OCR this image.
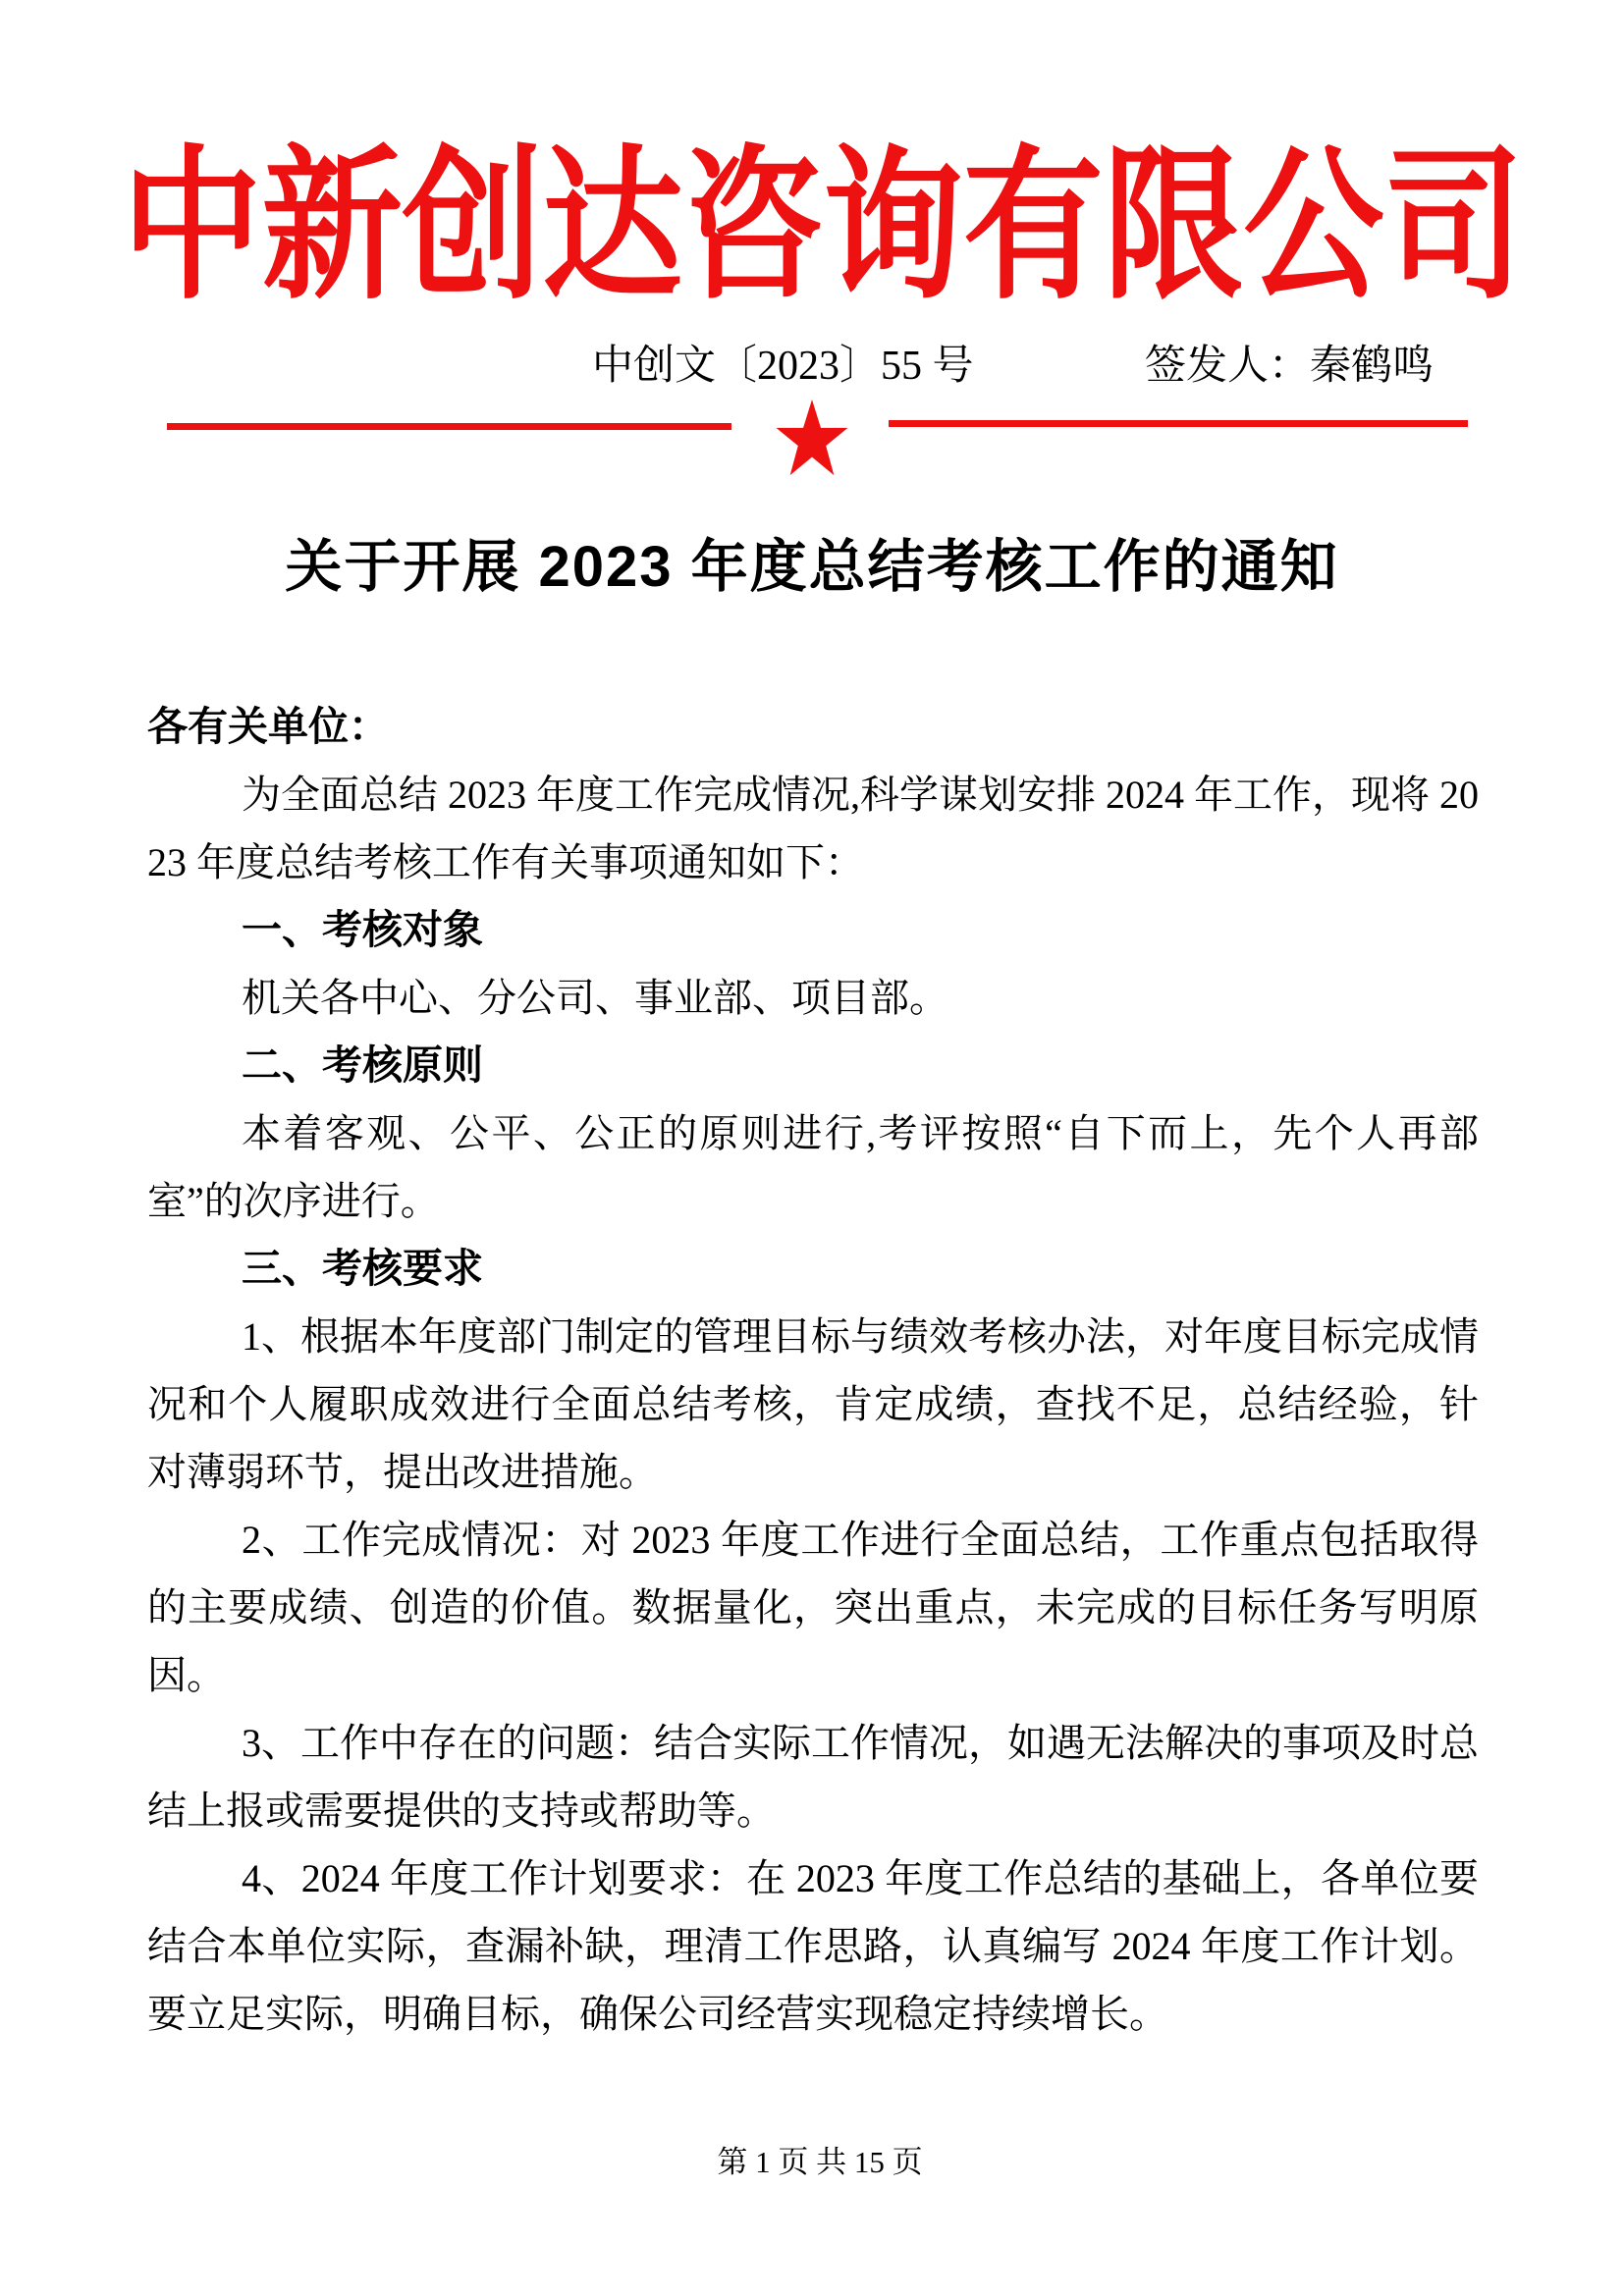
中新创达咨询有限公司
中创文〔2023〕55 号	签发人：秦鹤鸣
关于开展 2023 年度总结考核工作的通知

各有关单位：

为全面总结 2023 年度工作完成情况,科学谋划安排 2024 年工作，现将 2023 年度总结考核工作有关事项通知如下：

一、考核对象

机关各中心、分公司、事业部、项目部。

二、考核原则

本着客观、公平、公正的原则进行,考评按照“自下而上，先个人再部室”的次序进行。

三、考核要求

1、根据本年度部门制定的管理目标与绩效考核办法，对年度目标完成情况和个人履职成效进行全面总结考核，肯定成绩，查找不足，总结经验，针对薄弱环节，提出改进措施。

2、工作完成情况：对 2023 年度工作进行全面总结，工作重点包括取得的主要成绩、创造的价值。数据量化，突出重点，未完成的目标任务写明原因。

3、工作中存在的问题：结合实际工作情况，如遇无法解决的事项及时总结上报或需要提供的支持或帮助等。

4、2024 年度工作计划要求：在 2023 年度工作总结的基础上，各单位要结合本单位实际，查漏补缺，理清工作思路，认真编写 2024 年度工作计划。要立足实际，明确目标，确保公司经营实现稳定持续增长。

第 1 页 共 15 页
